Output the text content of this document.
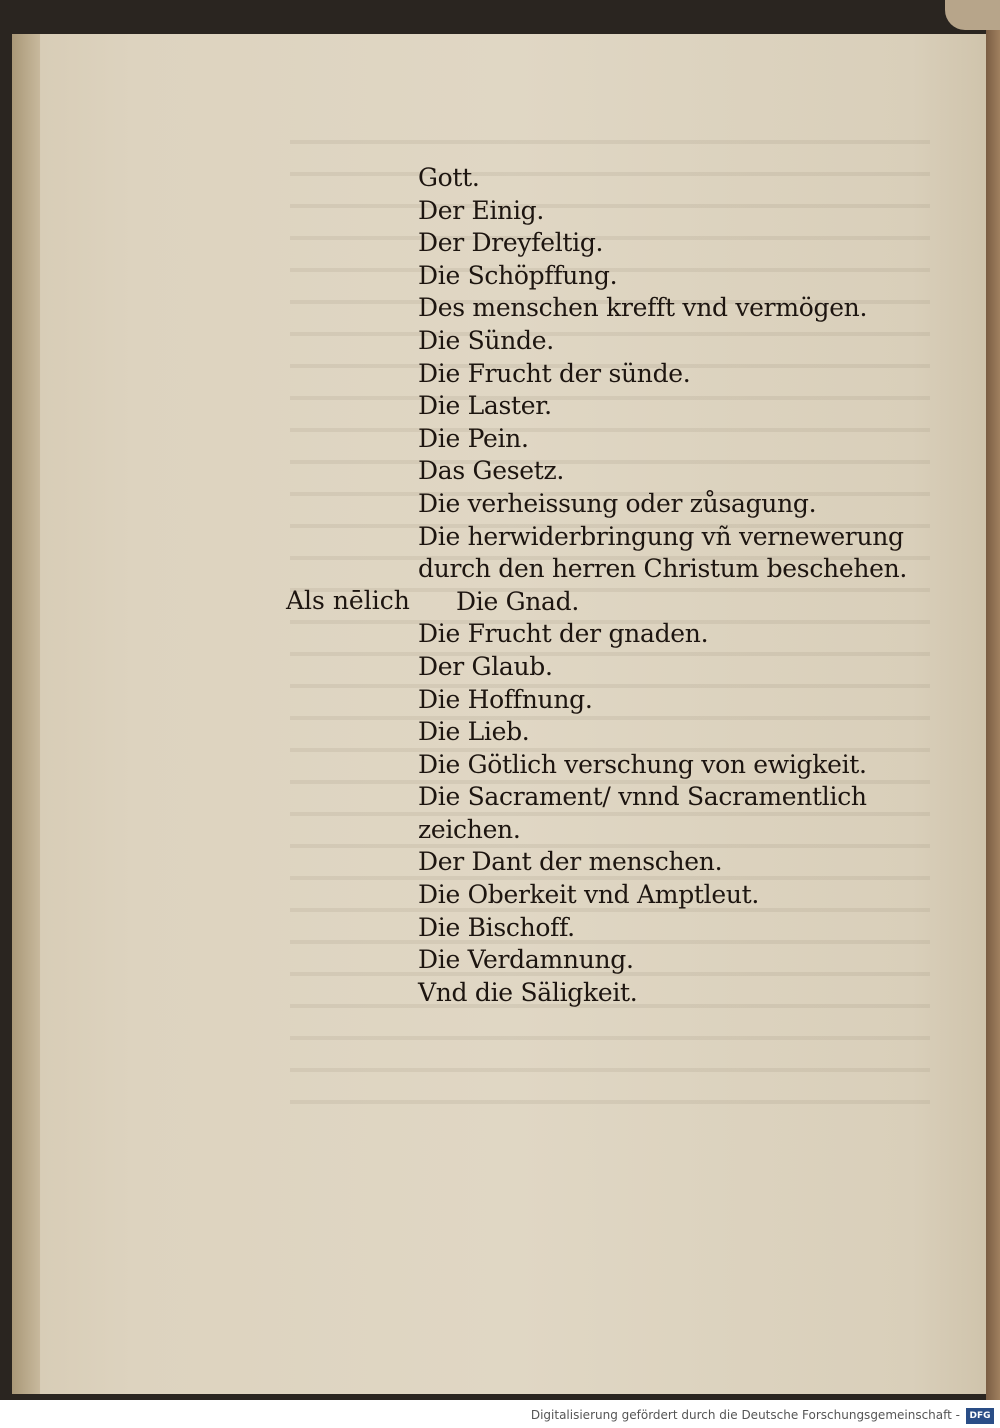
Als nēlich
Gott.
Der Einig.
Der Dreyfeltig.
Die Schöpffung.
Des menschen krefft vnd vermögen.
Die Sünde.
Die Frucht der sünde.
Die Laster.
Die Pein.
Das Gesetz.
Die verheissung oder zůsagung.
Die herwiderbringung vñ vernewerung
durch den herren Christum beschehen.
Die Gnad.
Die Frucht der gnaden.
Der Glaub.
Die Hoffnung.
Die Lieb.
Die Götlich verschung von ewigkeit.
Die Sacrament/ vnnd Sacramentlich
zeichen.
Der Dant der menschen.
Die Oberkeit vnd Amptleut.
Die Bischoff.
Die Verdamnung.
Vnd die Säligkeit.
Digitalisierung gefördert durch die Deutsche Forschungsgemeinschaft -	DFG
